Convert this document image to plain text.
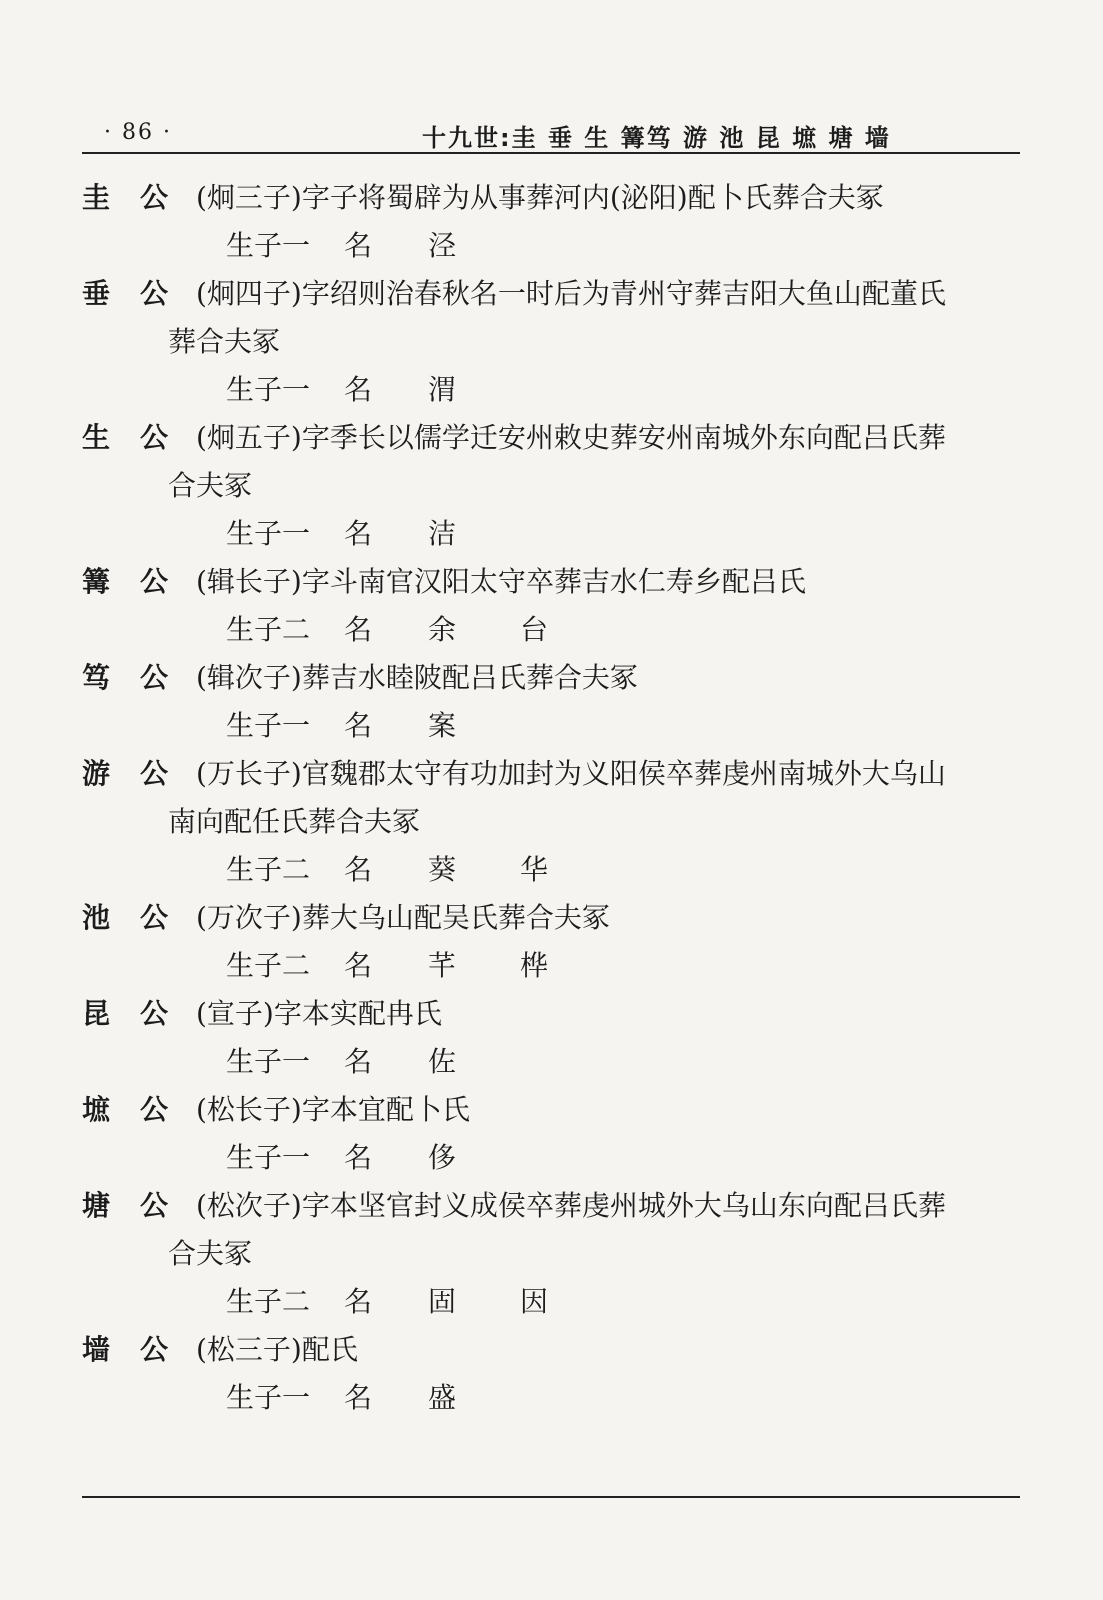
· 86 ·	十九世:圭 垂 生 篝笃 游 池 昆 墌 塘 墙
圭 公 (炯三子)字子将蜀辟为从事葬河内(泌阳)配卜氏葬合夫冢
生子一 名 泾
垂 公 (炯四子)字绍则治春秋名一时后为青州守葬吉阳大鱼山配董氏
葬合夫冢
生子一 名 渭
生 公 (炯五子)字季长以儒学迁安州敕史葬安州南城外东向配吕氏葬
合夫冢
生子一 名 洁
篝 公 (辑长子)字斗南官汉阳太守卒葬吉水仁寿乡配吕氏
生子二 名 余 台
笃 公 (辑次子)葬吉水睦陂配吕氏葬合夫冢
生子一 名 案
游 公 (万长子)官魏郡太守有功加封为义阳侯卒葬虔州南城外大乌山
南向配任氏葬合夫冢
生子二 名 葵 华
池 公 (万次子)葬大乌山配吴氏葬合夫冢
生子二 名 芊 桦
昆 公 (宣子)字本实配冉氏
生子一 名 佐
墌 公 (松长子)字本宜配卜氏
生子一 名 侈
塘 公 (松次子)字本坚官封义成侯卒葬虔州城外大乌山东向配吕氏葬
合夫冢
生子二 名 固 因
墙 公 (松三子)配氏
生子一 名 盛
